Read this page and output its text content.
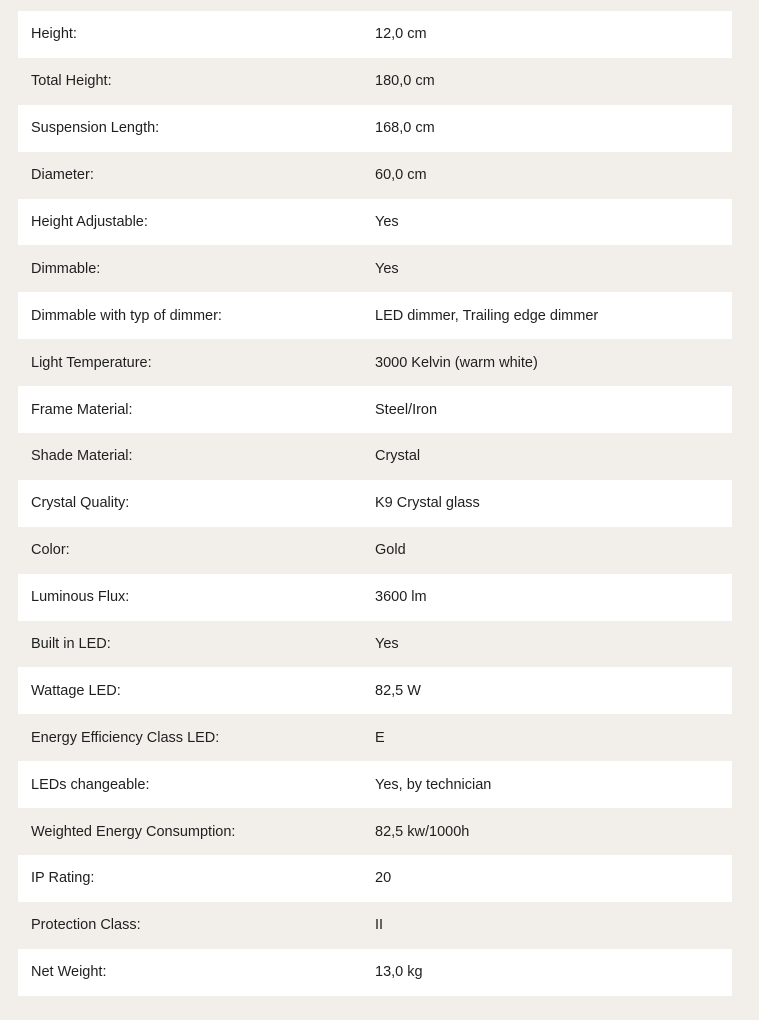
Height:	12,0 cm
Total Height:	180,0 cm
Suspension Length:	168,0 cm
Diameter:	60,0 cm
Height Adjustable:	Yes
Dimmable:	Yes
Dimmable with typ of dimmer:	LED dimmer, Trailing edge dimmer
Light Temperature:	3000 Kelvin (warm white)
Frame Material:	Steel/Iron
Shade Material:	Crystal
Crystal Quality:	K9 Crystal glass
Color:	Gold
Luminous Flux:	3600 lm
Built in LED:	Yes
Wattage LED:	82,5 W
Energy Efficiency Class LED:	E
LEDs changeable:	Yes, by technician
Weighted Energy Consumption:	82,5 kw/1000h
IP Rating:	20
Protection Class:	II
Net Weight:	13,0 kg
